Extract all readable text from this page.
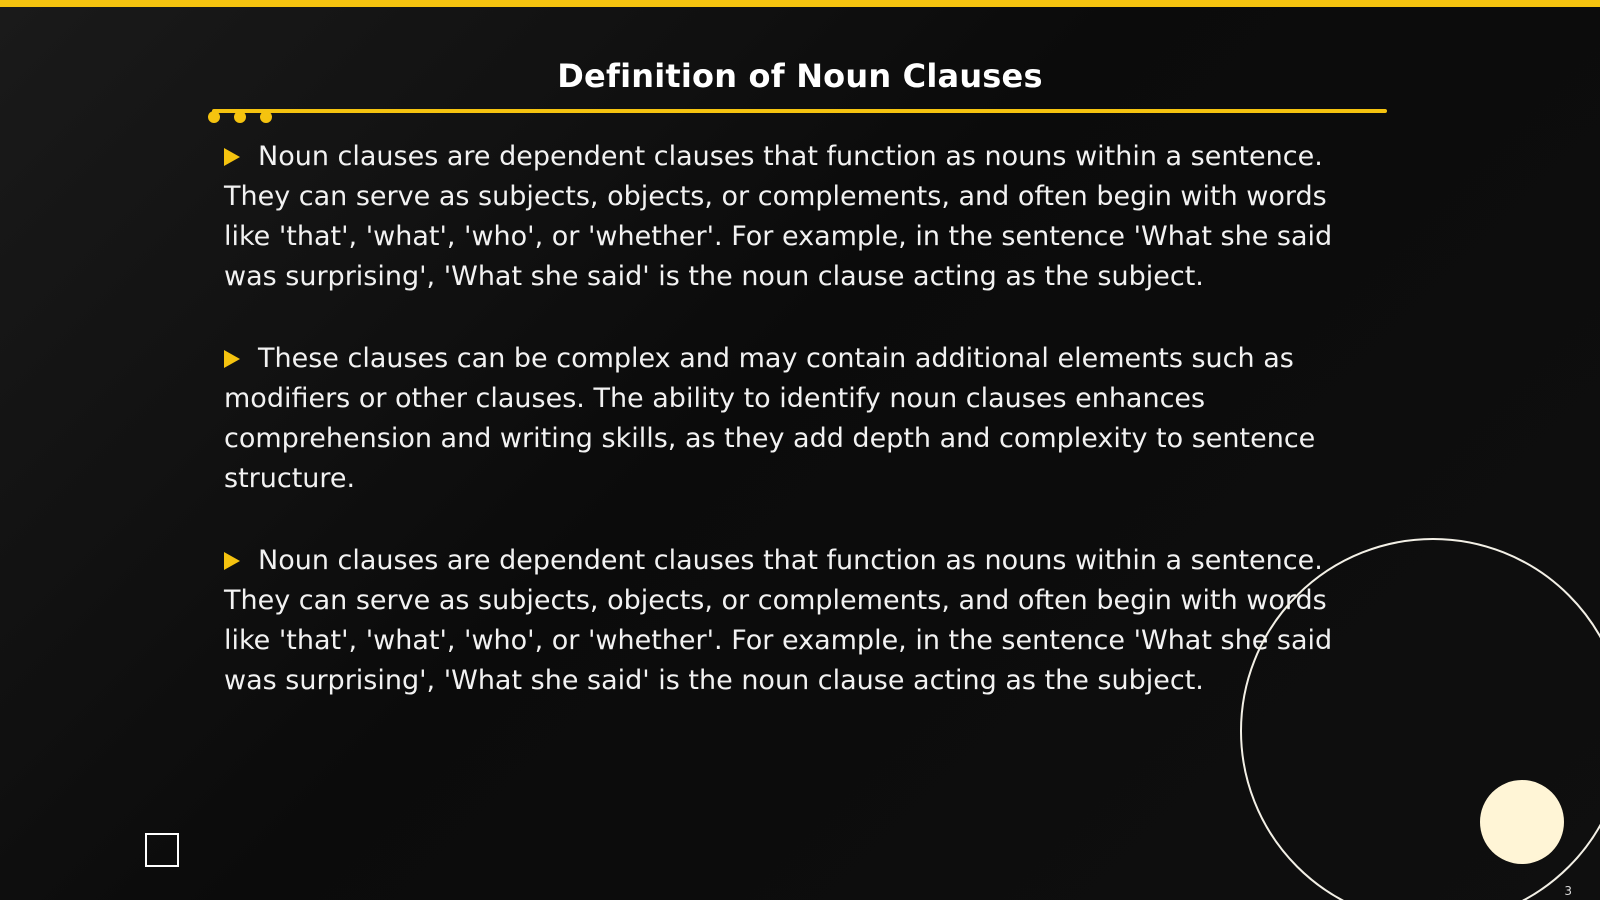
Definition of Noun Clauses

Noun clauses are dependent clauses that function as nouns within a sentence. They can serve as subjects, objects, or complements, and often begin with words like 'that', 'what', 'who', or 'whether'. For example, in the sentence 'What she said was surprising', 'What she said' is the noun clause acting as the subject.

These clauses can be complex and may contain additional elements such as modifiers or other clauses. The ability to identify noun clauses enhances comprehension and writing skills, as they add depth and complexity to sentence structure.

Noun clauses are dependent clauses that function as nouns within a sentence. They can serve as subjects, objects, or complements, and often begin with words like 'that', 'what', 'who', or 'whether'. For example, in the sentence 'What she said was surprising', 'What she said' is the noun clause acting as the subject.

3
